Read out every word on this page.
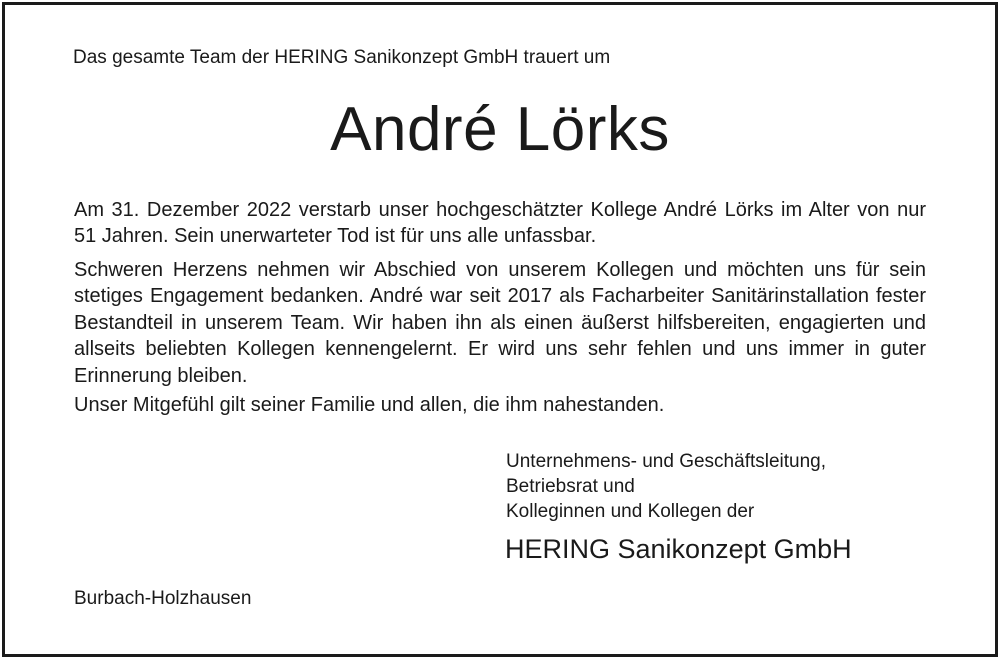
Das gesamte Team der HERING Sanikonzept GmbH trauert um
André Lörks

Am 31. Dezember 2022 verstarb unser hochgeschätzter Kollege André Lörks im Alter von nur 51 Jahren. Sein unerwarteter Tod ist für uns alle unfassbar.

Schweren Herzens nehmen wir Abschied von unserem Kollegen und möchten uns für sein stetiges Engagement bedanken. André war seit 2017 als Facharbeiter Sanitärinstallation fester Bestandteil in unserem Team. Wir haben ihn als einen äußerst hilfsbereiten, engagierten und allseits beliebten Kollegen kennengelernt. Er wird uns sehr fehlen und uns immer in guter Erinnerung bleiben.

Unser Mitgefühl gilt seiner Familie und allen, die ihm nahestanden.

Unternehmens- und Geschäftsleitung,
Betriebsrat und
Kolleginnen und Kollegen der
HERING Sanikonzept GmbH
Burbach-Holzhausen
